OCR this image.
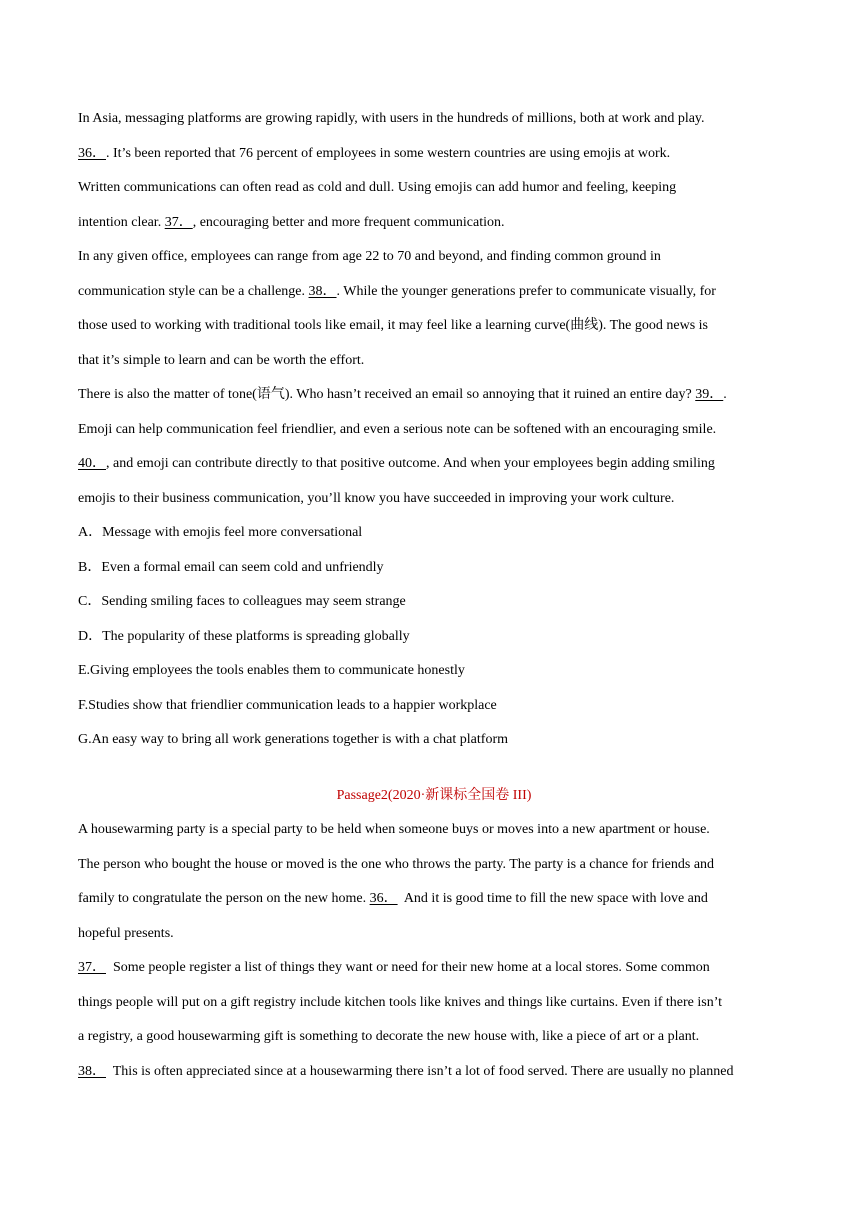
In Asia, messaging platforms are growing rapidly, with users in the hundreds of millions, both at work and play.
36．. It’s been reported that 76 percent of employees in some western countries are using emojis at work.
Written communications can often read as cold and dull. Using emojis can add humor and feeling, keeping
intention clear. 37．, encouraging better and more frequent communication.
In any given office, employees can range from age 22 to 70 and beyond, and finding common ground in
communication style can be a challenge. 38．. While the younger generations prefer to communicate visually, for
those used to working with traditional tools like email, it may feel like a learning curve(曲线). The good news is
that it’s simple to learn and can be worth the effort.
There is also the matter of tone(语气). Who hasn’t received an email so annoying that it ruined an entire day? 39．.
Emoji can help communication feel friendlier, and even a serious note can be softened with an encouraging smile.
40．, and emoji can contribute directly to that positive outcome. And when your employees begin adding smiling
emojis to their business communication, you’ll know you have succeeded in improving your work culture.
A．Message with emojis feel more conversational
B．Even a formal email can seem cold and unfriendly
C．Sending smiling faces to colleagues may seem strange
D．The popularity of these platforms is spreading globally
E.Giving employees the tools enables them to communicate honestly
F.Studies show that friendlier communication leads to a happier workplace
G.An easy way to bring all work generations together is with a chat platform
Passage2(2020·新课标全国卷 III)
A housewarming party is a special party to be held when someone buys or moves into a new apartment or house.
The person who bought the house or moved is the one who throws the party. The party is a chance for friends and
family to congratulate the person on the new home. 36．  And it is good time to fill the new space with love and
hopeful presents.
37．  Some people register a list of things they want or need for their new home at a local stores. Some common
things people will put on a gift registry include kitchen tools like knives and things like curtains. Even if there isn’t
a registry, a good housewarming gift is something to decorate the new house with, like a piece of art or a plant.
38．  This is often appreciated since at a housewarming there isn’t a lot of food served. There are usually no planned
